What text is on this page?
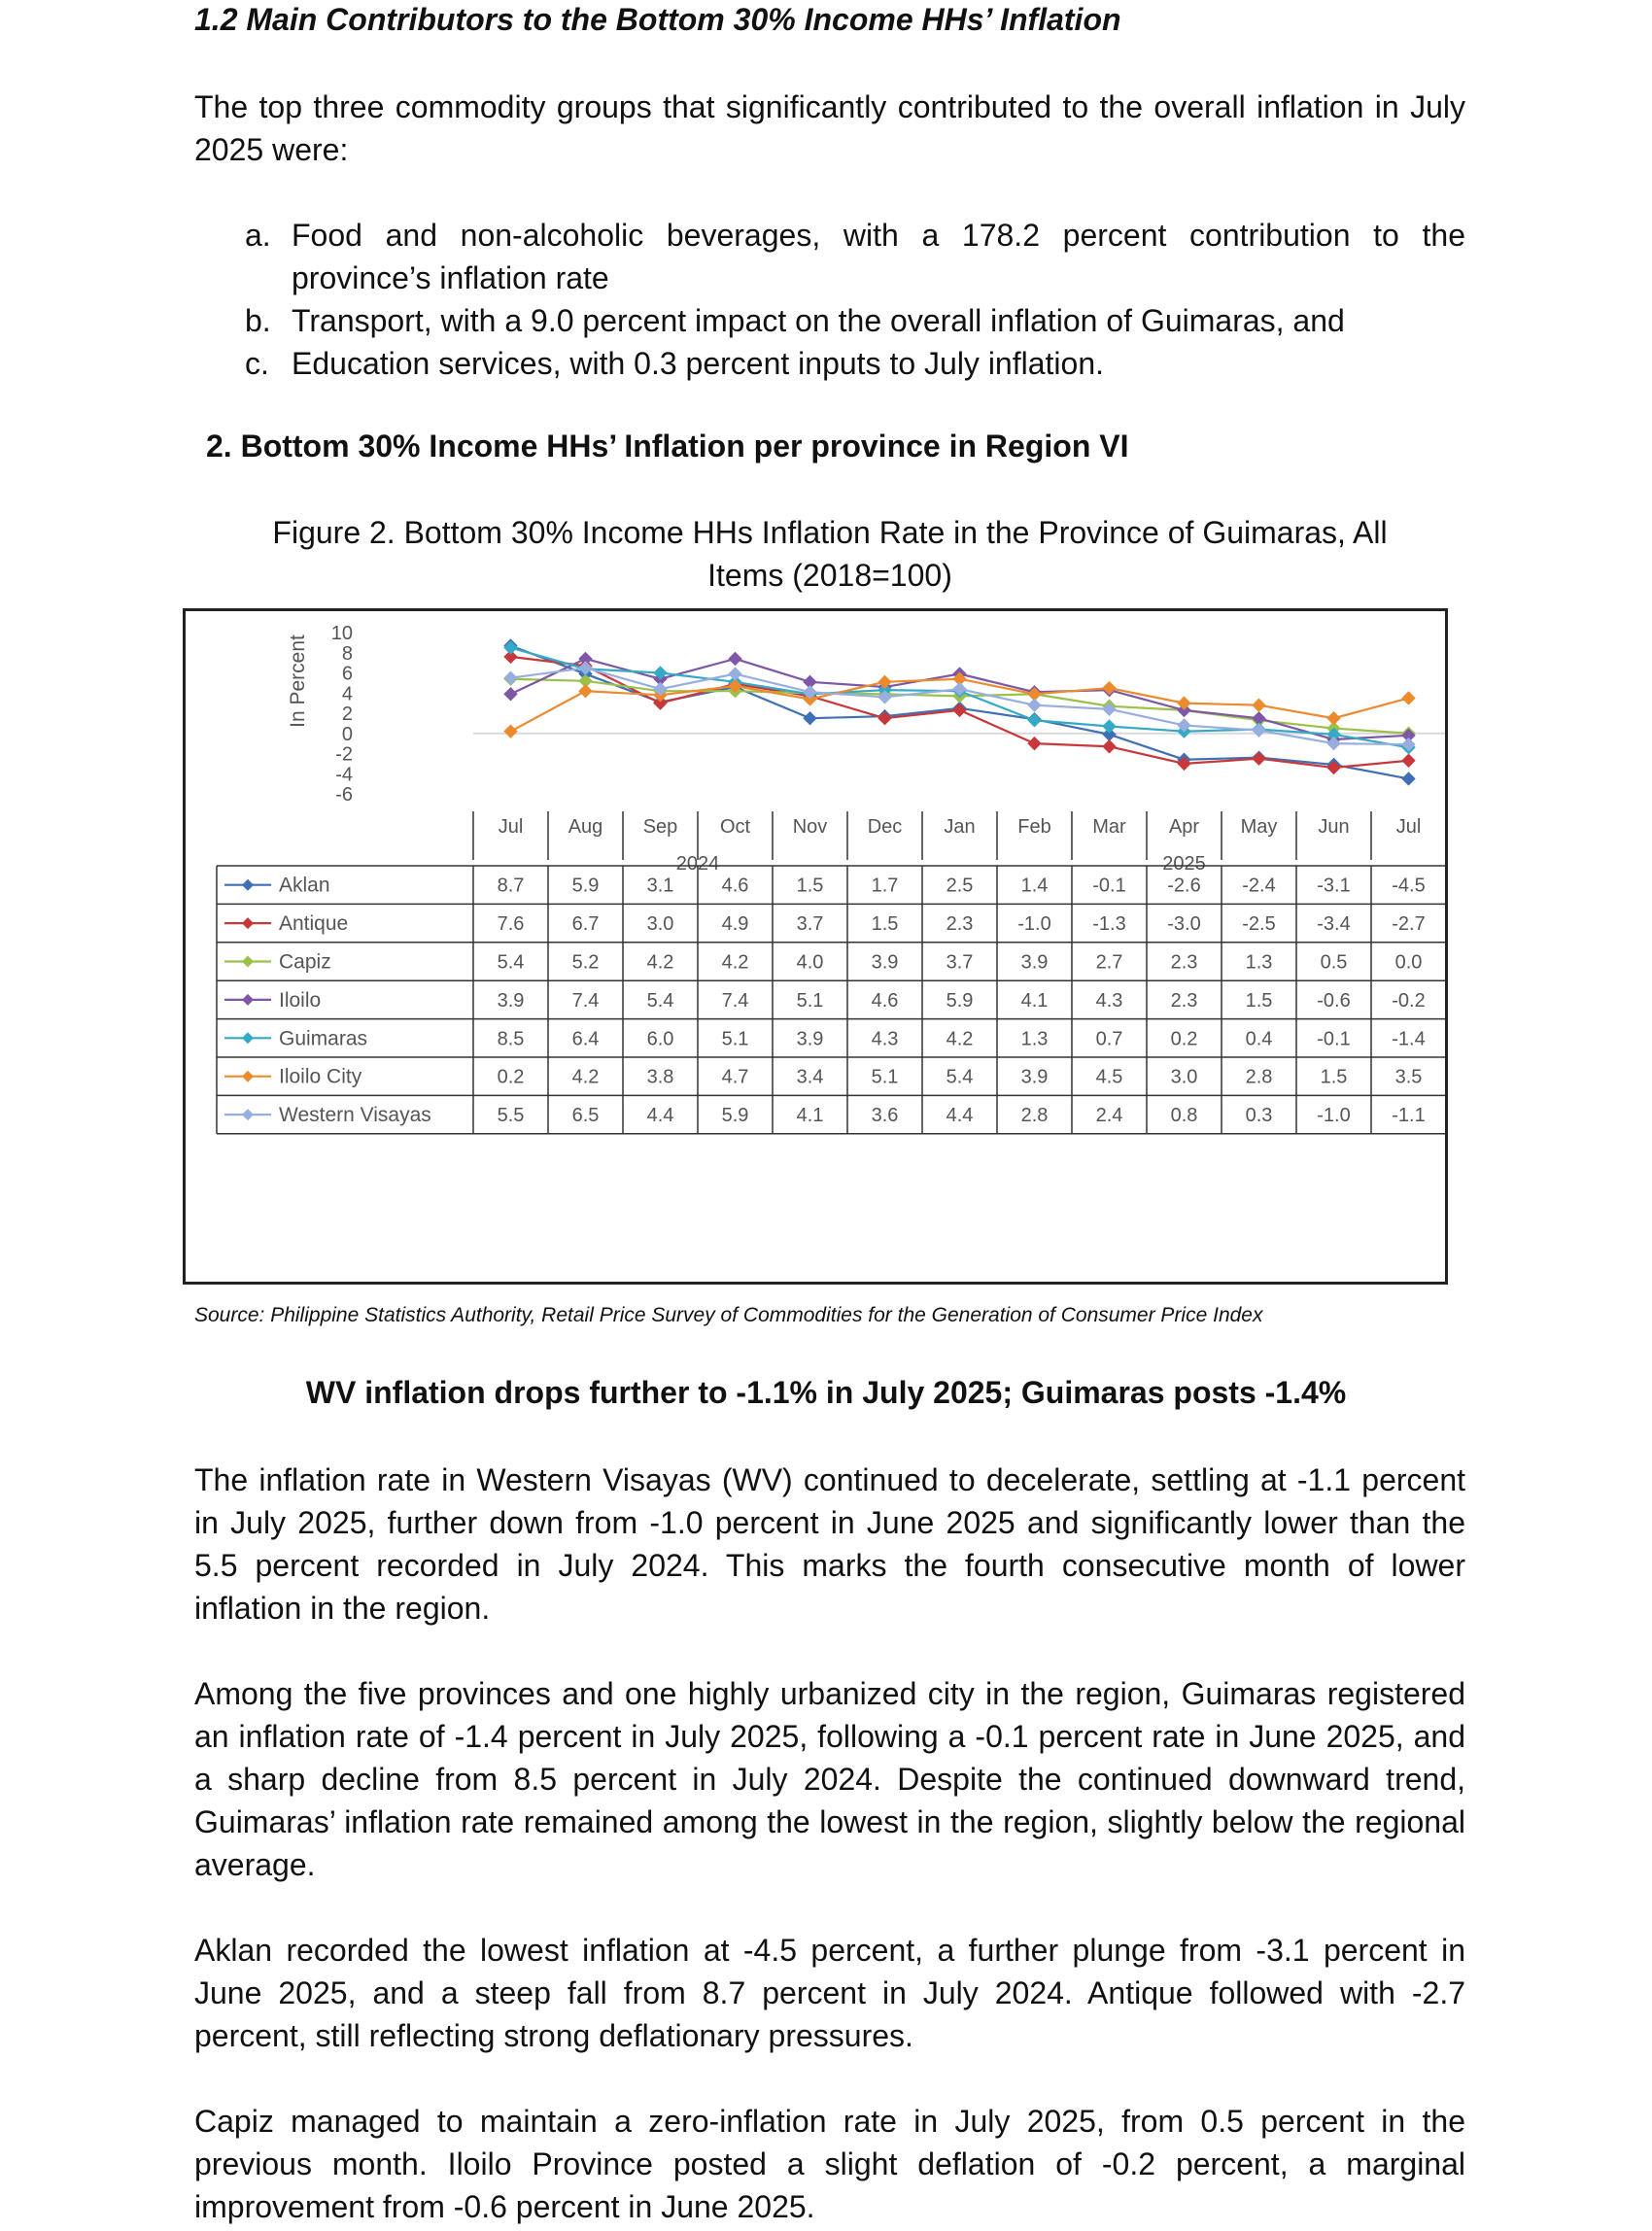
1.2 Main Contributors to the Bottom 30% Income HHs’ Inflation
The top three commodity groups that significantly contributed to the overall inflation in July 2025 were:
a. Food and non-alcoholic beverages, with a 178.2 percent contribution to the province’s inflation rate
b. Transport, with a 9.0 percent impact on the overall inflation of Guimaras, and
c. Education services, with 0.3 percent inputs to July inflation.
2. Bottom 30% Income HHs’ Inflation per province in Region VI
Figure 2. Bottom 30% Income HHs Inflation Rate in the Province of Guimaras, All
Items (2018=100)
In Percent
10
8
6
4
2
0
-2
-4
-6
Jul Aug Sep Oct Nov Dec Jan Feb Mar Apr May Jun Jul
2024	2025
Aklan	8.7 5.9 3.1 4.6 1.5 1.7 2.5 1.4 -0.1 -2.6 -2.4 -3.1 -4.5
Antique	7.6 6.7 3.0 4.9 3.7 1.5 2.3 -1.0 -1.3 -3.0 -2.5 -3.4 -2.7
Capiz	5.4 5.2 4.2 4.2 4.0 3.9 3.7 3.9 2.7 2.3 1.3 0.5 0.0
Iloilo	3.9 7.4 5.4 7.4 5.1 4.6 5.9 4.1 4.3 2.3 1.5 -0.6 -0.2
Guimaras	8.5 6.4 6.0 5.1 3.9 4.3 4.2 1.3 0.7 0.2 0.4 -0.1 -1.4
Iloilo City	0.2 4.2 3.8 4.7 3.4 5.1 5.4 3.9 4.5 3.0 2.8 1.5 3.5
Western Visayas	5.5 6.5 4.4 5.9 4.1 3.6 4.4 2.8 2.4 0.8 0.3 -1.0 -1.1
Source: Philippine Statistics Authority, Retail Price Survey of Commodities for the Generation of Consumer Price Index
WV inflation drops further to -1.1% in July 2025; Guimaras posts -1.4%
The inflation rate in Western Visayas (WV) continued to decelerate, settling at -1.1 percent in July 2025, further down from -1.0 percent in June 2025 and significantly lower than the 5.5 percent recorded in July 2024. This marks the fourth consecutive month of lower inflation in the region.
Among the five provinces and one highly urbanized city in the region, Guimaras registered an inflation rate of -1.4 percent in July 2025, following a -0.1 percent rate in June 2025, and a sharp decline from 8.5 percent in July 2024. Despite the continued downward trend, Guimaras’ inflation rate remained among the lowest in the region, slightly below the regional average.
Aklan recorded the lowest inflation at -4.5 percent, a further plunge from -3.1 percent in June 2025, and a steep fall from 8.7 percent in July 2024. Antique followed with -2.7 percent, still reflecting strong deflationary pressures.
Capiz managed to maintain a zero-inflation rate in July 2025, from 0.5 percent in the previous month. Iloilo Province posted a slight deflation of -0.2 percent, a marginal improvement from -0.6 percent in June 2025.
